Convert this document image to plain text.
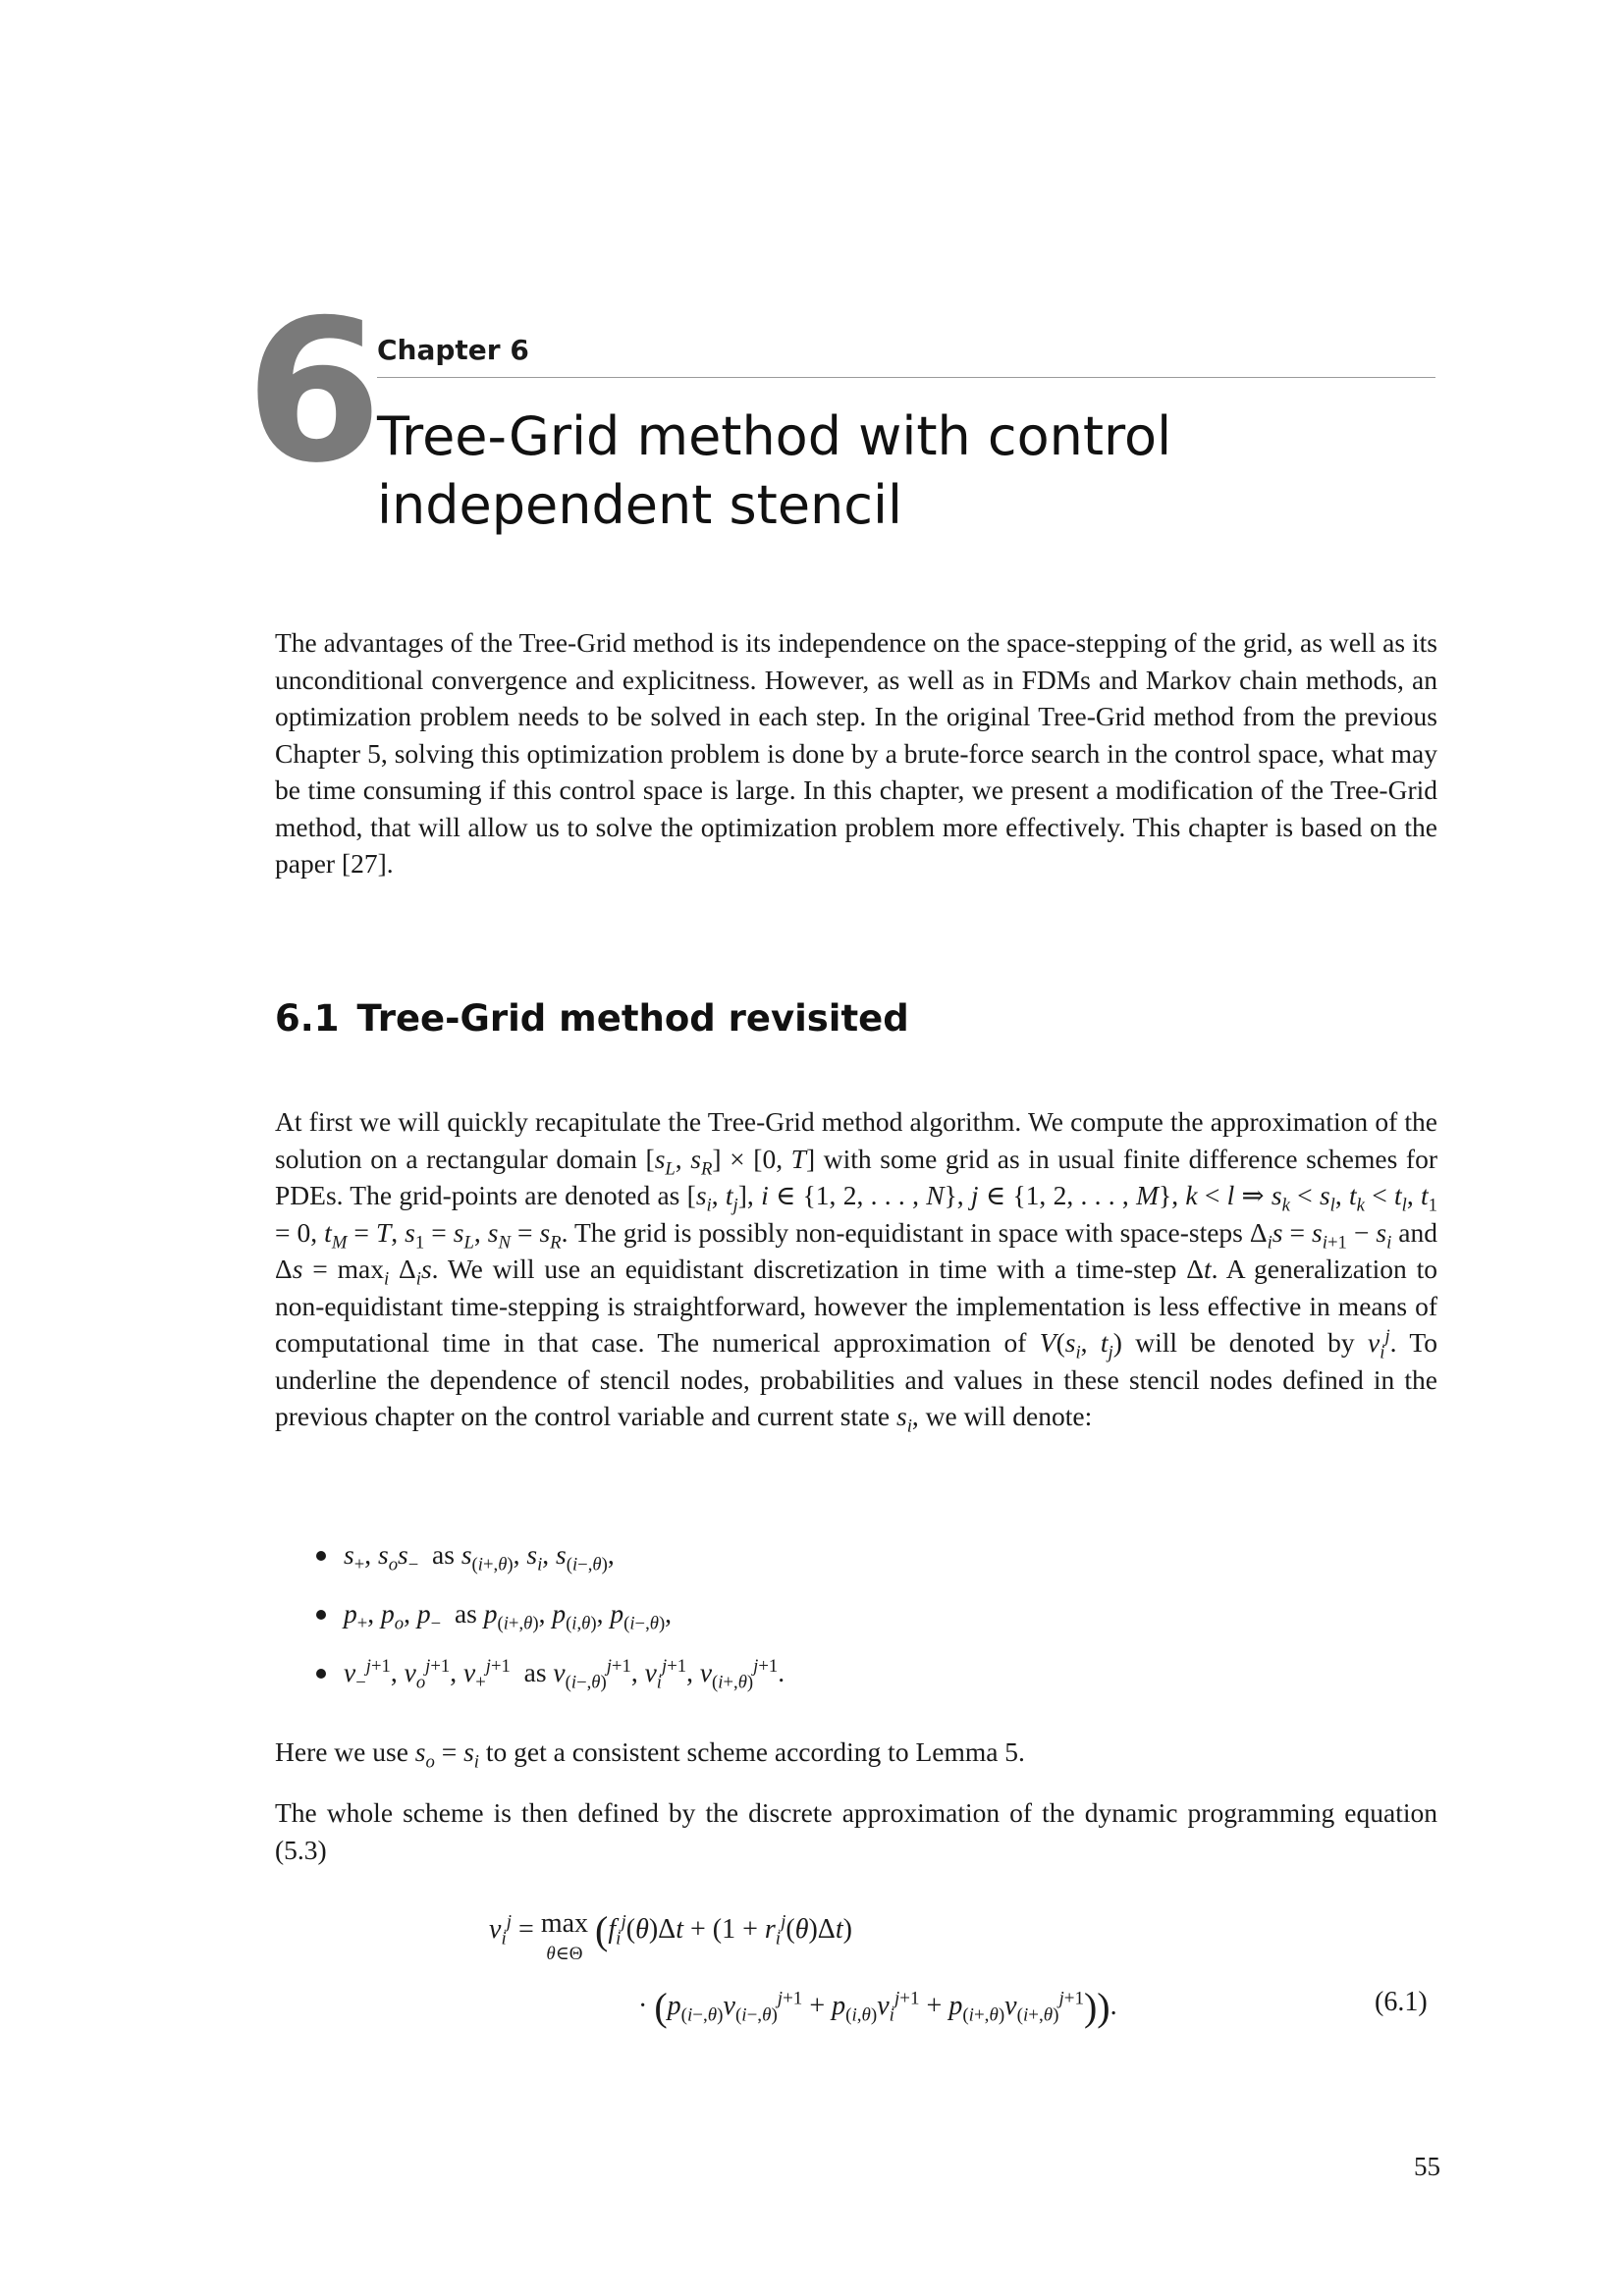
6
Chapter 6
Tree-Grid method with control
independent stencil

The advantages of the Tree-Grid method is its independence on the space-stepping of the grid, as well as its unconditional convergence and explicitness. However, as well as in FDMs and Markov chain methods, an optimization problem needs to be solved in each step. In the original Tree-Grid method from the previous Chapter 5, solving this optimization problem is done by a brute-force search in the control space, what may be time consuming if this control space is large. In this chapter, we present a modification of the Tree-Grid method, that will allow us to solve the optimization problem more effectively. This chapter is based on the paper [27].

6.1 Tree-Grid method revisited

At first we will quickly recapitulate the Tree-Grid method algorithm. We compute the approximation of the solution on a rectangular domain [$s_L$, $s_R] \times [0$, T] with some grid as in usual finite difference schemes for PDEs. The grid-points are denoted as [$s_i$, $t_j$], i ∈ {1, 2, . . . , N}, j ∈ {1, 2, . . . , M}, k < l ⇒ $s_k < s_l$, $t_k < t_l$, $t_1 = 0$, $t_M = T$, $s_1 = s_L$, $s_N = s_R$. The grid is possibly non-equidistant in space with space-steps $\Delta_is = s_{i+1} - s_i$ and $\Delta s = \max_i \Delta_is$. We will use an equidistant discretization in time with a time-step Δt. A generalization to non-equidistant time-stepping is straightforward, however the implementation is less effective in means of computational time in that case. The numerical approximation of $V(s_i$, $t_j$) will be denoted by $v_i^j$. To underline the dependence of stencil nodes, probabilities and values in these stencil nodes defined in the previous chapter on the control variable and current state $s_i$, we will denote:

$s_+$, $s_os_-$ as $s_{(i+,\theta)}$, $s_i$, $s_{(i-,\theta)}$,
$p_+$, $p_o$, $p_-$ as $p_{(i+,\theta)}$, $p_{(i,\theta)}$, $p_{(i-,\theta)}$,
$v_-^{j+1}$, $v_o^{j+1}$, $v_+^{j+1}$ as $v_{(i-,\theta)}^{j+1}$, $v_i^{j+1}$, $v_{(i+,\theta)}^{j+1}$.

Here we use $s_o = s_i$ to get a consistent scheme according to Lemma 5.

The whole scheme is then defined by the discrete approximation of the dynamic programming equation (5.3)

$v_i^j = \max$
θ∈Θ ($f_i^j(\theta)\Delta t + (1 + r_i^j(\theta)\Delta t)$
· $(p_{(i-,\theta)}v_{(i-,\theta)}^{j+1} + p_{(i,\theta)}v_i^{j+1} + p_{(i+,\theta)}v_{(i+,\theta)}^{j+1})$).	(6.1)
55
